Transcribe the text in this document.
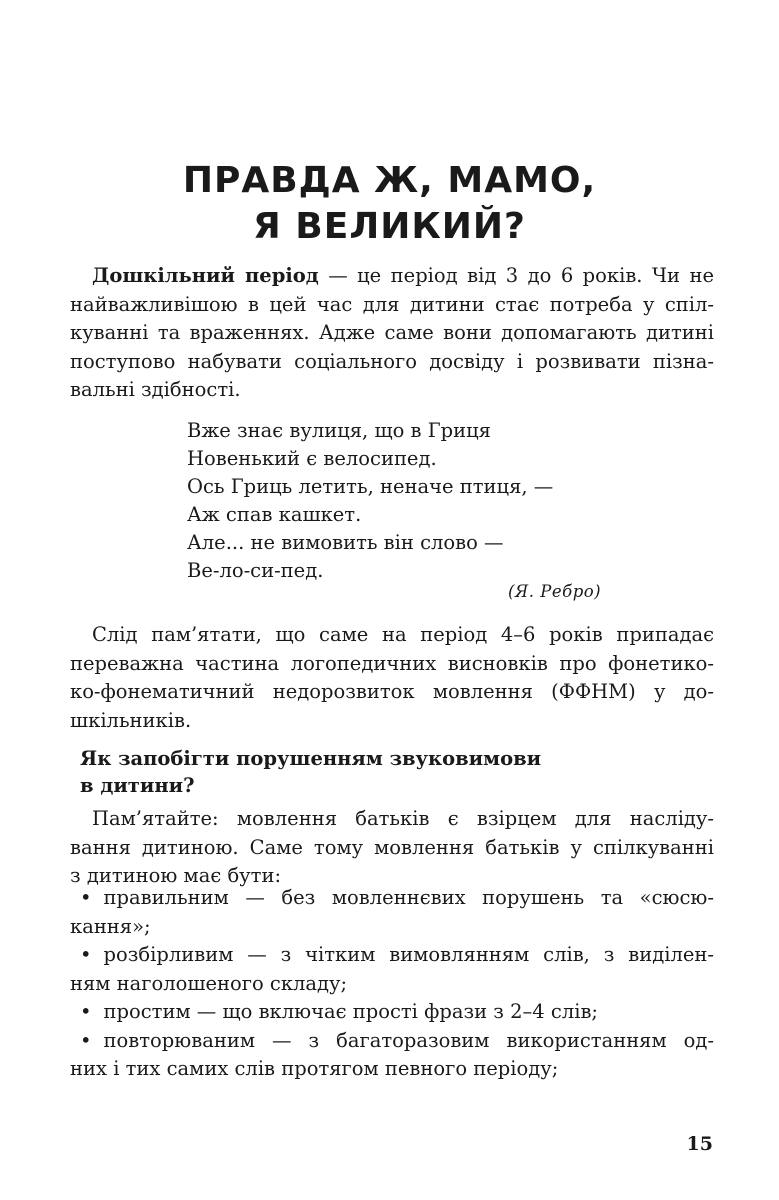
ПРАВДА Ж, МАМО,
Я ВЕЛИКИЙ?

Дошкільний період — це період від 3 до 6 років. Чи не
найважливішою в цей час для дитини стає потреба у спіл-
куванні та враженнях. Адже саме вони допомагають дитині
поступово набувати соціального досвіду і розвивати пізна-
вальні здібності.

Вже знає вулиця, що в Гриця
Новенький є велосипед.
Ось Гриць летить, неначе птиця, —
Аж спав кашкет.
Але... не вимовить він слово —
Ве-ло-си-пед.

(Я. Ребро)

Слід пам’ятати, що саме на період 4–6 років припадає
переважна частина логопедичних висновків про фонетико-
ко-фонематичний недорозвиток мовлення (ФФНМ) у до-
шкільників.

Як запобігти порушенням звуковимови
в дитини?

Пам’ятайте: мовлення батьків є взірцем для насліду-
вання дитиною. Саме тому мовлення батьків у спілкуванні
з дитиною має бути:

• правильним — без мовленнєвих порушень та «сюсю-
кання»;
• розбірливим — з чітким вимовлянням слів, з виділен-
ням наголошеного складу;
• простим — що включає прості фрази з 2–4 слів;
• повторюваним — з багаторазовим використанням од-
них і тих самих слів протягом певного періоду;

15
